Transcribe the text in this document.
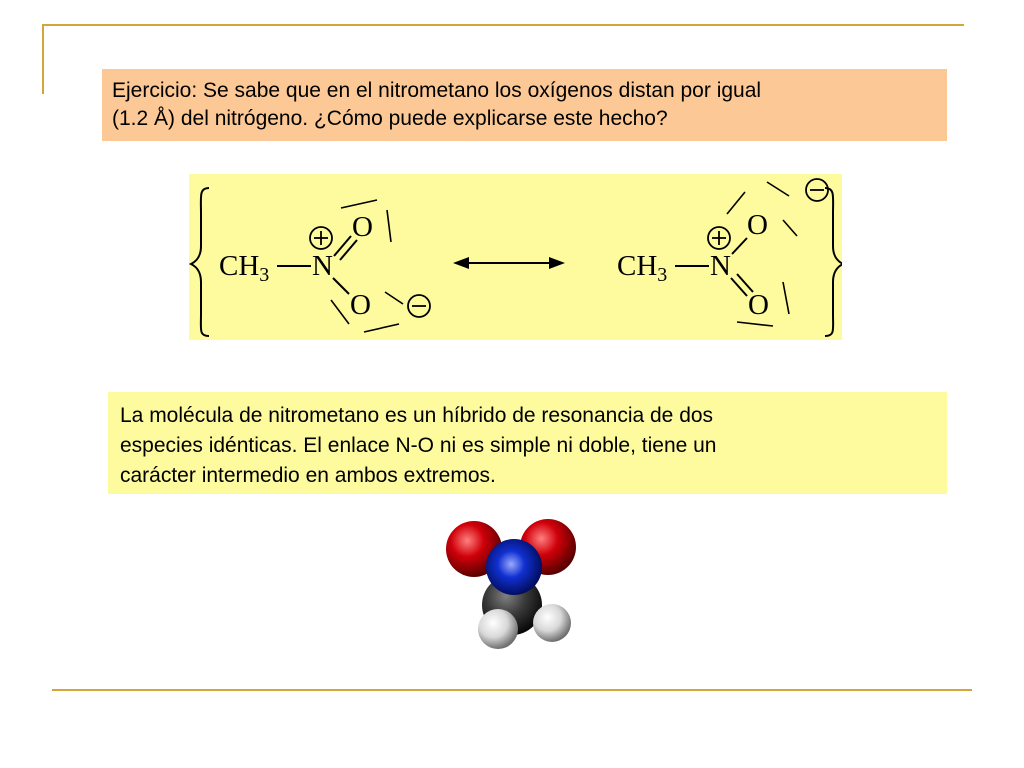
Ejercicio: Se sabe que en el nitrometano los oxígenos distan por igual
(1.2 Å) del nitrógeno. ¿Cómo puede explicarse este hecho?
$CH_3$ N
O
O
$CH_3$ N
O
O

La molécula de nitrometano es un híbrido de resonancia de dos

especies idénticas. El enlace N-O ni es simple ni doble, tiene un

carácter intermedio en ambos extremos.
